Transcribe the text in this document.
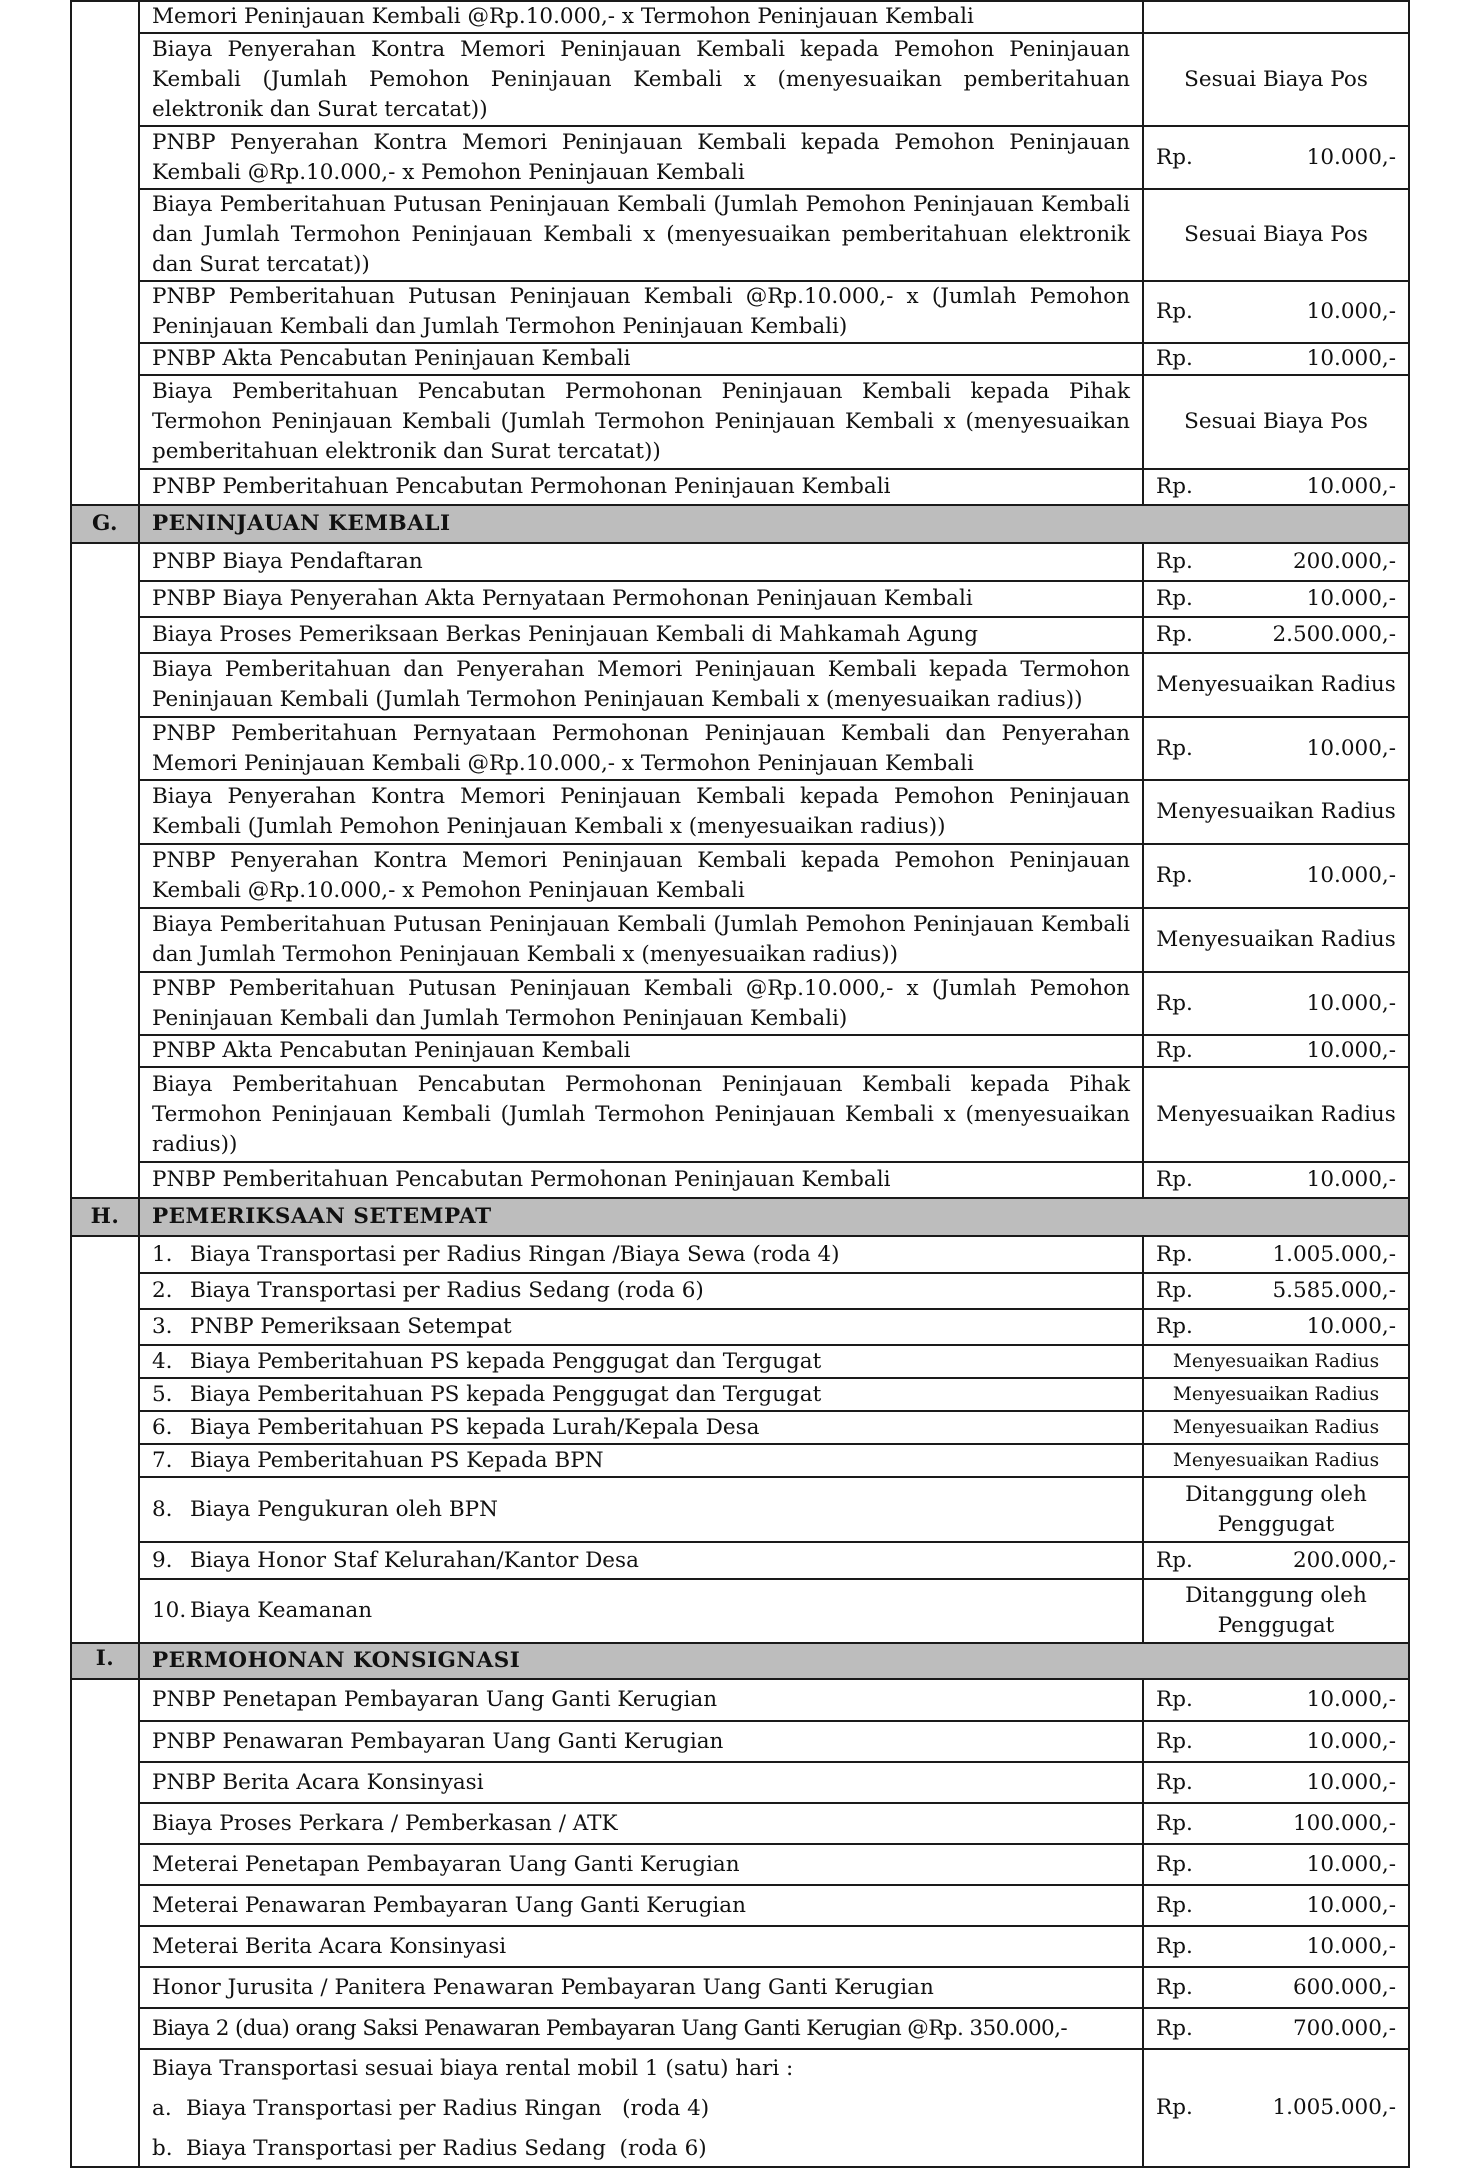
	Memori Peninjauan Kembali @Rp.10.000,- x Termohon Peninjauan Kembali	
	Biaya Penyerahan Kontra Memori Peninjauan Kembali kepada Pemohon Peninjauan Kembali (Jumlah Pemohon Peninjauan Kembali x (menyesuaikan pemberitahuan elektronik dan Surat tercatat))	Sesuai Biaya Pos

	PNBP Penyerahan Kontra Memori Peninjauan Kembali kepada Pemohon Peninjauan Kembali @Rp.10.000,- x Pemohon Peninjauan Kembali	Rp. 10.000,-

	Biaya Pemberitahuan Putusan Peninjauan Kembali (Jumlah Pemohon Peninjauan Kembali dan Jumlah Termohon Peninjauan Kembali x (menyesuaikan pemberitahuan elektronik dan Surat tercatat))	Sesuai Biaya Pos

	PNBP Pemberitahuan Putusan Peninjauan Kembali @Rp.10.000,- x (Jumlah Pemohon Peninjauan Kembali dan Jumlah Termohon Peninjauan Kembali)	Rp. 10.000,-

	PNBP Akta Pencabutan Peninjauan Kembali	Rp. 10.000,-

	Biaya Pemberitahuan Pencabutan Permohonan Peninjauan Kembali kepada Pihak Termohon Peninjauan Kembali (Jumlah Termohon Peninjauan Kembali x (menyesuaikan pemberitahuan elektronik dan Surat tercatat))	Sesuai Biaya Pos

	PNBP Pemberitahuan Pencabutan Permohonan Peninjauan Kembali	Rp. 10.000,-

G.	PENINJAUAN KEMBALI	
	PNBP Biaya Pendaftaran	Rp. 200.000,-

	PNBP Biaya Penyerahan Akta Pernyataan Permohonan Peninjauan Kembali	Rp. 10.000,-

	Biaya Proses Pemeriksaan Berkas Peninjauan Kembali di Mahkamah Agung	Rp. 2.500.000,-

	Biaya Pemberitahuan dan Penyerahan Memori Peninjauan Kembali kepada Termohon Peninjauan Kembali (Jumlah Termohon Peninjauan Kembali x (menyesuaikan radius))	Menyesuaikan Radius

	PNBP Pemberitahuan Pernyataan Permohonan Peninjauan Kembali dan Penyerahan Memori Peninjauan Kembali @Rp.10.000,- x Termohon Peninjauan Kembali	Rp. 10.000,-

	Biaya Penyerahan Kontra Memori Peninjauan Kembali kepada Pemohon Peninjauan Kembali (Jumlah Pemohon Peninjauan Kembali x (menyesuaikan radius))	Menyesuaikan Radius

	PNBP Penyerahan Kontra Memori Peninjauan Kembali kepada Pemohon Peninjauan Kembali @Rp.10.000,- x Pemohon Peninjauan Kembali	Rp. 10.000,-

	Biaya Pemberitahuan Putusan Peninjauan Kembali (Jumlah Pemohon Peninjauan Kembali dan Jumlah Termohon Peninjauan Kembali x (menyesuaikan radius))	Menyesuaikan Radius

	PNBP Pemberitahuan Putusan Peninjauan Kembali @Rp.10.000,- x (Jumlah Pemohon Peninjauan Kembali dan Jumlah Termohon Peninjauan Kembali)	Rp. 10.000,-

	PNBP Akta Pencabutan Peninjauan Kembali	Rp. 10.000,-

	Biaya Pemberitahuan Pencabutan Permohonan Peninjauan Kembali kepada Pihak Termohon Peninjauan Kembali (Jumlah Termohon Peninjauan Kembali x (menyesuaikan radius))	Menyesuaikan Radius

	PNBP Pemberitahuan Pencabutan Permohonan Peninjauan Kembali	Rp. 10.000,-

H.	PEMERIKSAAN SETEMPAT	
	1. Biaya Transportasi per Radius Ringan /Biaya Sewa (roda 4)	Rp. 1.005.000,-

	2. Biaya Transportasi per Radius Sedang (roda 6)	Rp. 5.585.000,-

	3. PNBP Pemeriksaan Setempat	Rp. 10.000,-

	4. Biaya Pemberitahuan PS kepada Penggugat dan Tergugat	Menyesuaikan Radius

	5. Biaya Pemberitahuan PS kepada Penggugat dan Tergugat	Menyesuaikan Radius

	6. Biaya Pemberitahuan PS kepada Lurah/Kepala Desa	Menyesuaikan Radius

	7. Biaya Pemberitahuan PS Kepada BPN	Menyesuaikan Radius

	8. Biaya Pengukuran oleh BPN	Ditanggung oleh Penggugat

	9. Biaya Honor Staf Kelurahan/Kantor Desa	Rp. 200.000,-

	10. Biaya Keamanan	Ditanggung oleh Penggugat

I.	PERMOHONAN KONSIGNASI	
	PNBP Penetapan Pembayaran Uang Ganti Kerugian	Rp. 10.000,-

	PNBP Penawaran Pembayaran Uang Ganti Kerugian	Rp. 10.000,-

	PNBP Berita Acara Konsinyasi	Rp. 10.000,-

	Biaya Proses Perkara / Pemberkasan / ATK	Rp. 100.000,-

	Meterai Penetapan Pembayaran Uang Ganti Kerugian	Rp. 10.000,-

	Meterai Penawaran Pembayaran Uang Ganti Kerugian	Rp. 10.000,-

	Meterai Berita Acara Konsinyasi	Rp. 10.000,-

	Honor Jurusita / Panitera Penawaran Pembayaran Uang Ganti Kerugian	Rp. 600.000,-

	Biaya 2 (dua) orang Saksi Penawaran Pembayaran Uang Ganti Kerugian @Rp. 350.000,-	Rp. 700.000,-

	Biaya Transportasi sesuai biaya rental mobil 1 (satu) hari :
a. Biaya Transportasi per Radius Ringan   (roda 4)
b. Biaya Transportasi per Radius Sedang  (roda 6)	Rp. 1.005.000,-
